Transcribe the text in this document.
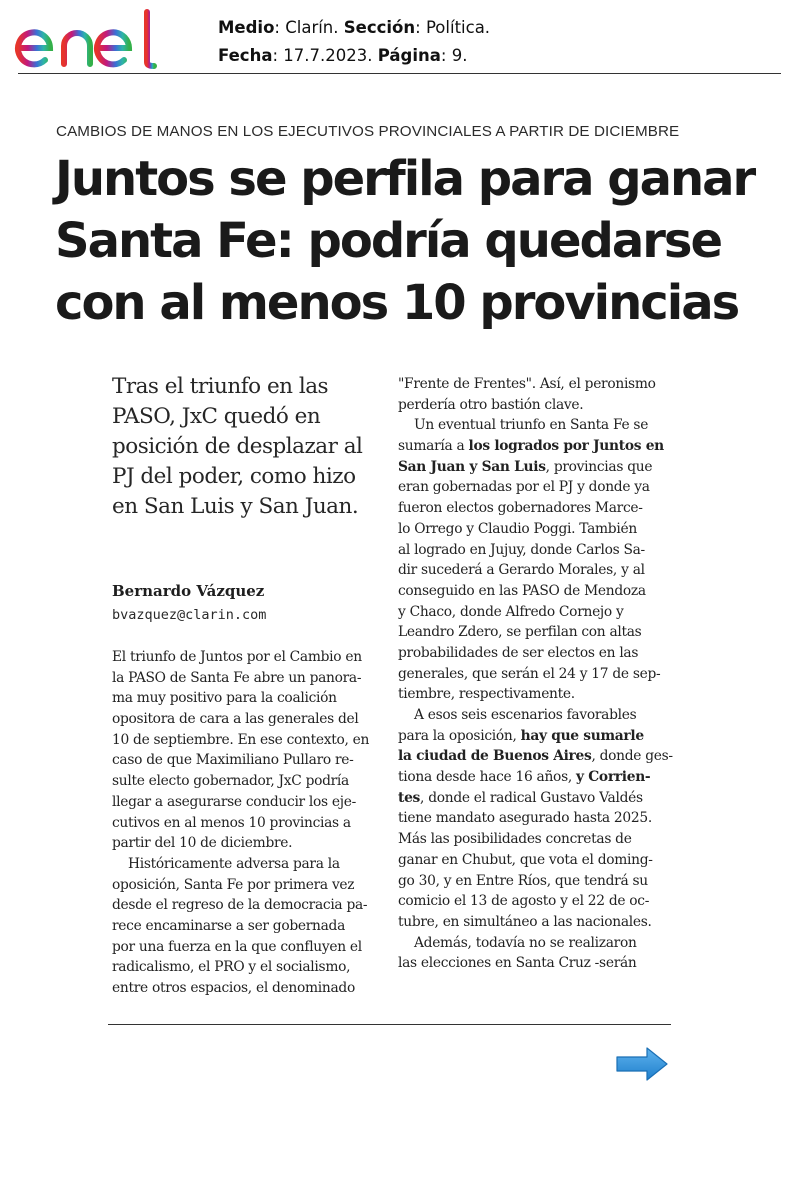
Medio: Clarín. Sección: Política.
Fecha: 17.7.2023. Página: 9.
CAMBIOS DE MANOS EN LOS EJECUTIVOS PROVINCIALES A PARTIR DE DICIEMBRE
Juntos se perfila para ganar
Santa Fe: podría quedarse
con al menos 10 provincias
Tras el triunfo en las
PASO, JxC quedó en
posición de desplazar al
PJ del poder, como hizo
en San Luis y San Juan.
Bernardo Vázquez
bvazquez@clarin.com
El triunfo de Juntos por el Cambio en
la PASO de Santa Fe abre un panora-
ma muy positivo para la coalición
opositora de cara a las generales del
10 de septiembre. En ese contexto, en
caso de que Maximiliano Pullaro re-
sulte electo gobernador, JxC podría
llegar a asegurarse conducir los eje-
cutivos en al menos 10 provincias a
partir del 10 de diciembre.
Históricamente adversa para la
oposición, Santa Fe por primera vez
desde el regreso de la democracia pa-
rece encaminarse a ser gobernada
por una fuerza en la que confluyen el
radicalismo, el PRO y el socialismo,
entre otros espacios, el denominado
"Frente de Frentes". Así, el peronismo
perdería otro bastión clave.
Un eventual triunfo en Santa Fe se
sumaría a los logrados por Juntos en
San Juan y San Luis, provincias que
eran gobernadas por el PJ y donde ya
fueron electos gobernadores Marce-
lo Orrego y Claudio Poggi. También
al logrado en Jujuy, donde Carlos Sa-
dir sucederá a Gerardo Morales, y al
conseguido en las PASO de Mendoza
y Chaco, donde Alfredo Cornejo y
Leandro Zdero, se perfilan con altas
probabilidades de ser electos en las
generales, que serán el 24 y 17 de sep-
tiembre, respectivamente.
A esos seis escenarios favorables
para la oposición, hay que sumarle
la ciudad de Buenos Aires, donde ges-
tiona desde hace 16 años, y Corrien-
tes, donde el radical Gustavo Valdés
tiene mandato asegurado hasta 2025.
Más las posibilidades concretas de
ganar en Chubut, que vota el doming-
go 30, y en Entre Ríos, que tendrá su
comicio el 13 de agosto y el 22 de oc-
tubre, en simultáneo a las nacionales.
Además, todavía no se realizaron
las elecciones en Santa Cruz -serán
